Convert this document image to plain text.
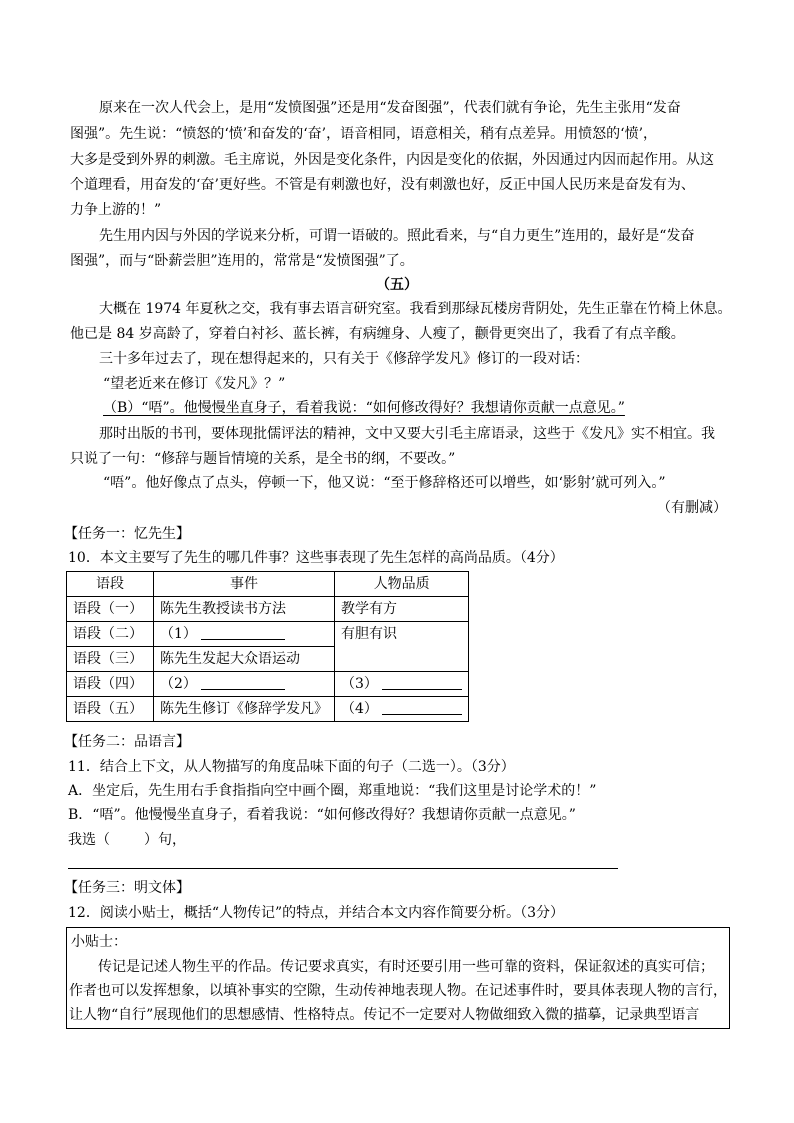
原来在一次人代会上，是用“发愤图强”还是用“发奋图强”，代表们就有争论，先生主张用“发奋
图强”。先生说：“愤怒的‘愤’和奋发的‘奋’，语音相同，语意相关，稍有点差异。用愤怒的‘愤’，
大多是受到外界的刺激。毛主席说，外因是变化条件，内因是变化的依据，外因通过内因而起作用。从这
个道理看，用奋发的‘奋’更好些。不管是有刺激也好，没有刺激也好，反正中国人民历来是奋发有为、
力争上游的！”
先生用内因与外因的学说来分析，可谓一语破的。照此看来，与“自力更生”连用的，最好是“发奋
图强”，而与“卧薪尝胆”连用的，常常是“发愤图强”了。
（五）
大概在 1974 年夏秋之交，我有事去语言研究室。我看到那绿瓦楼房背阴处，先生正靠在竹椅上休息。
他已是 84 岁高龄了，穿着白衬衫、蓝长裤，有病缠身、人瘦了，颧骨更突出了，我看了有点辛酸。
三十多年过去了，现在想得起来的，只有关于《修辞学发凡》修订的一段对话：
“望老近来在修订《发凡》？”
（B）“唔”。他慢慢坐直身子，看着我说：“如何修改得好？我想请你贡献一点意见。”
那时出版的书刊，要体现批儒评法的精神，文中又要大引毛主席语录，这些于《发凡》实不相宜。我
只说了一句：“修辞与题旨情境的关系，是全书的纲，不要改。”
“唔”。他好像点了点头，停顿一下，他又说：“至于修辞格还可以增些，如‘影射’就可列入。”
（有删减）
【任务一：忆先生】
10．本文主要写了先生的哪几件事？这些事表现了先生怎样的高尚品质。（4分）
语段	事件	人物品质
语段（一）	陈先生教授读书方法	教学有方
语段（二）	（1）	有胆有识
语段（三）	陈先生发起大众语运动	
语段（四）	（2）	（3）
语段（五）	陈先生修订《修辞学发凡》	（4）
【任务二：品语言】
11．结合上下文，从人物描写的角度品味下面的句子（二选一）。（3分）
A．坐定后，先生用右手食指指向空中画个圈，郑重地说：“我们这里是讨论学术的！”
B．“唔”。他慢慢坐直身子，看着我说：“如何修改得好？我想请你贡献一点意见。”
我选（ ）句，
【任务三：明文体】
12．阅读小贴士，概括“人物传记”的特点，并结合本文内容作简要分析。（3分）
小贴士：
传记是记述人物生平的作品。传记要求真实，有时还要引用一些可靠的资料，保证叙述的真实可信；
作者也可以发挥想象，以填补事实的空隙，生动传神地表现人物。在记述事件时，要具体表现人物的言行，
让人物“自行”展现他们的思想感情、性格特点。传记不一定要对人物做细致入微的描摹，记录典型语言
